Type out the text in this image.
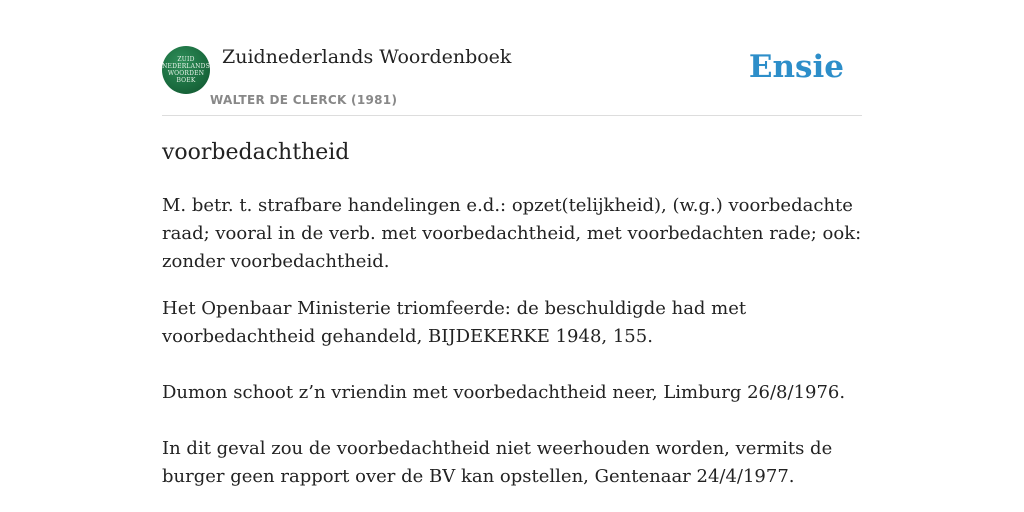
ZUID
NEDERLANDS
WOORDEN
BOEK
Zuidnederlands Woordenboek
WALTER DE CLERCK (1981)
Ensie
voorbedachtheid

M. betr. t. strafbare handelingen e.d.: opzet(telijkheid), (w.g.) voorbedachte raad; vooral in de verb. met voorbedachtheid, met voorbedachten rade; ook: zonder voorbedachtheid.

Het Openbaar Ministerie triomfeerde: de beschuldigde had met voorbedachtheid gehandeld, BIJDEKERKE 1948, 155.

Dumon schoot z’n vriendin met voorbedachtheid neer, Limburg 26/8/1976.

In dit geval zou de voorbedachtheid niet weerhouden worden, vermits de burger geen rapport over de BV kan opstellen, Gentenaar 24/4/1977.
